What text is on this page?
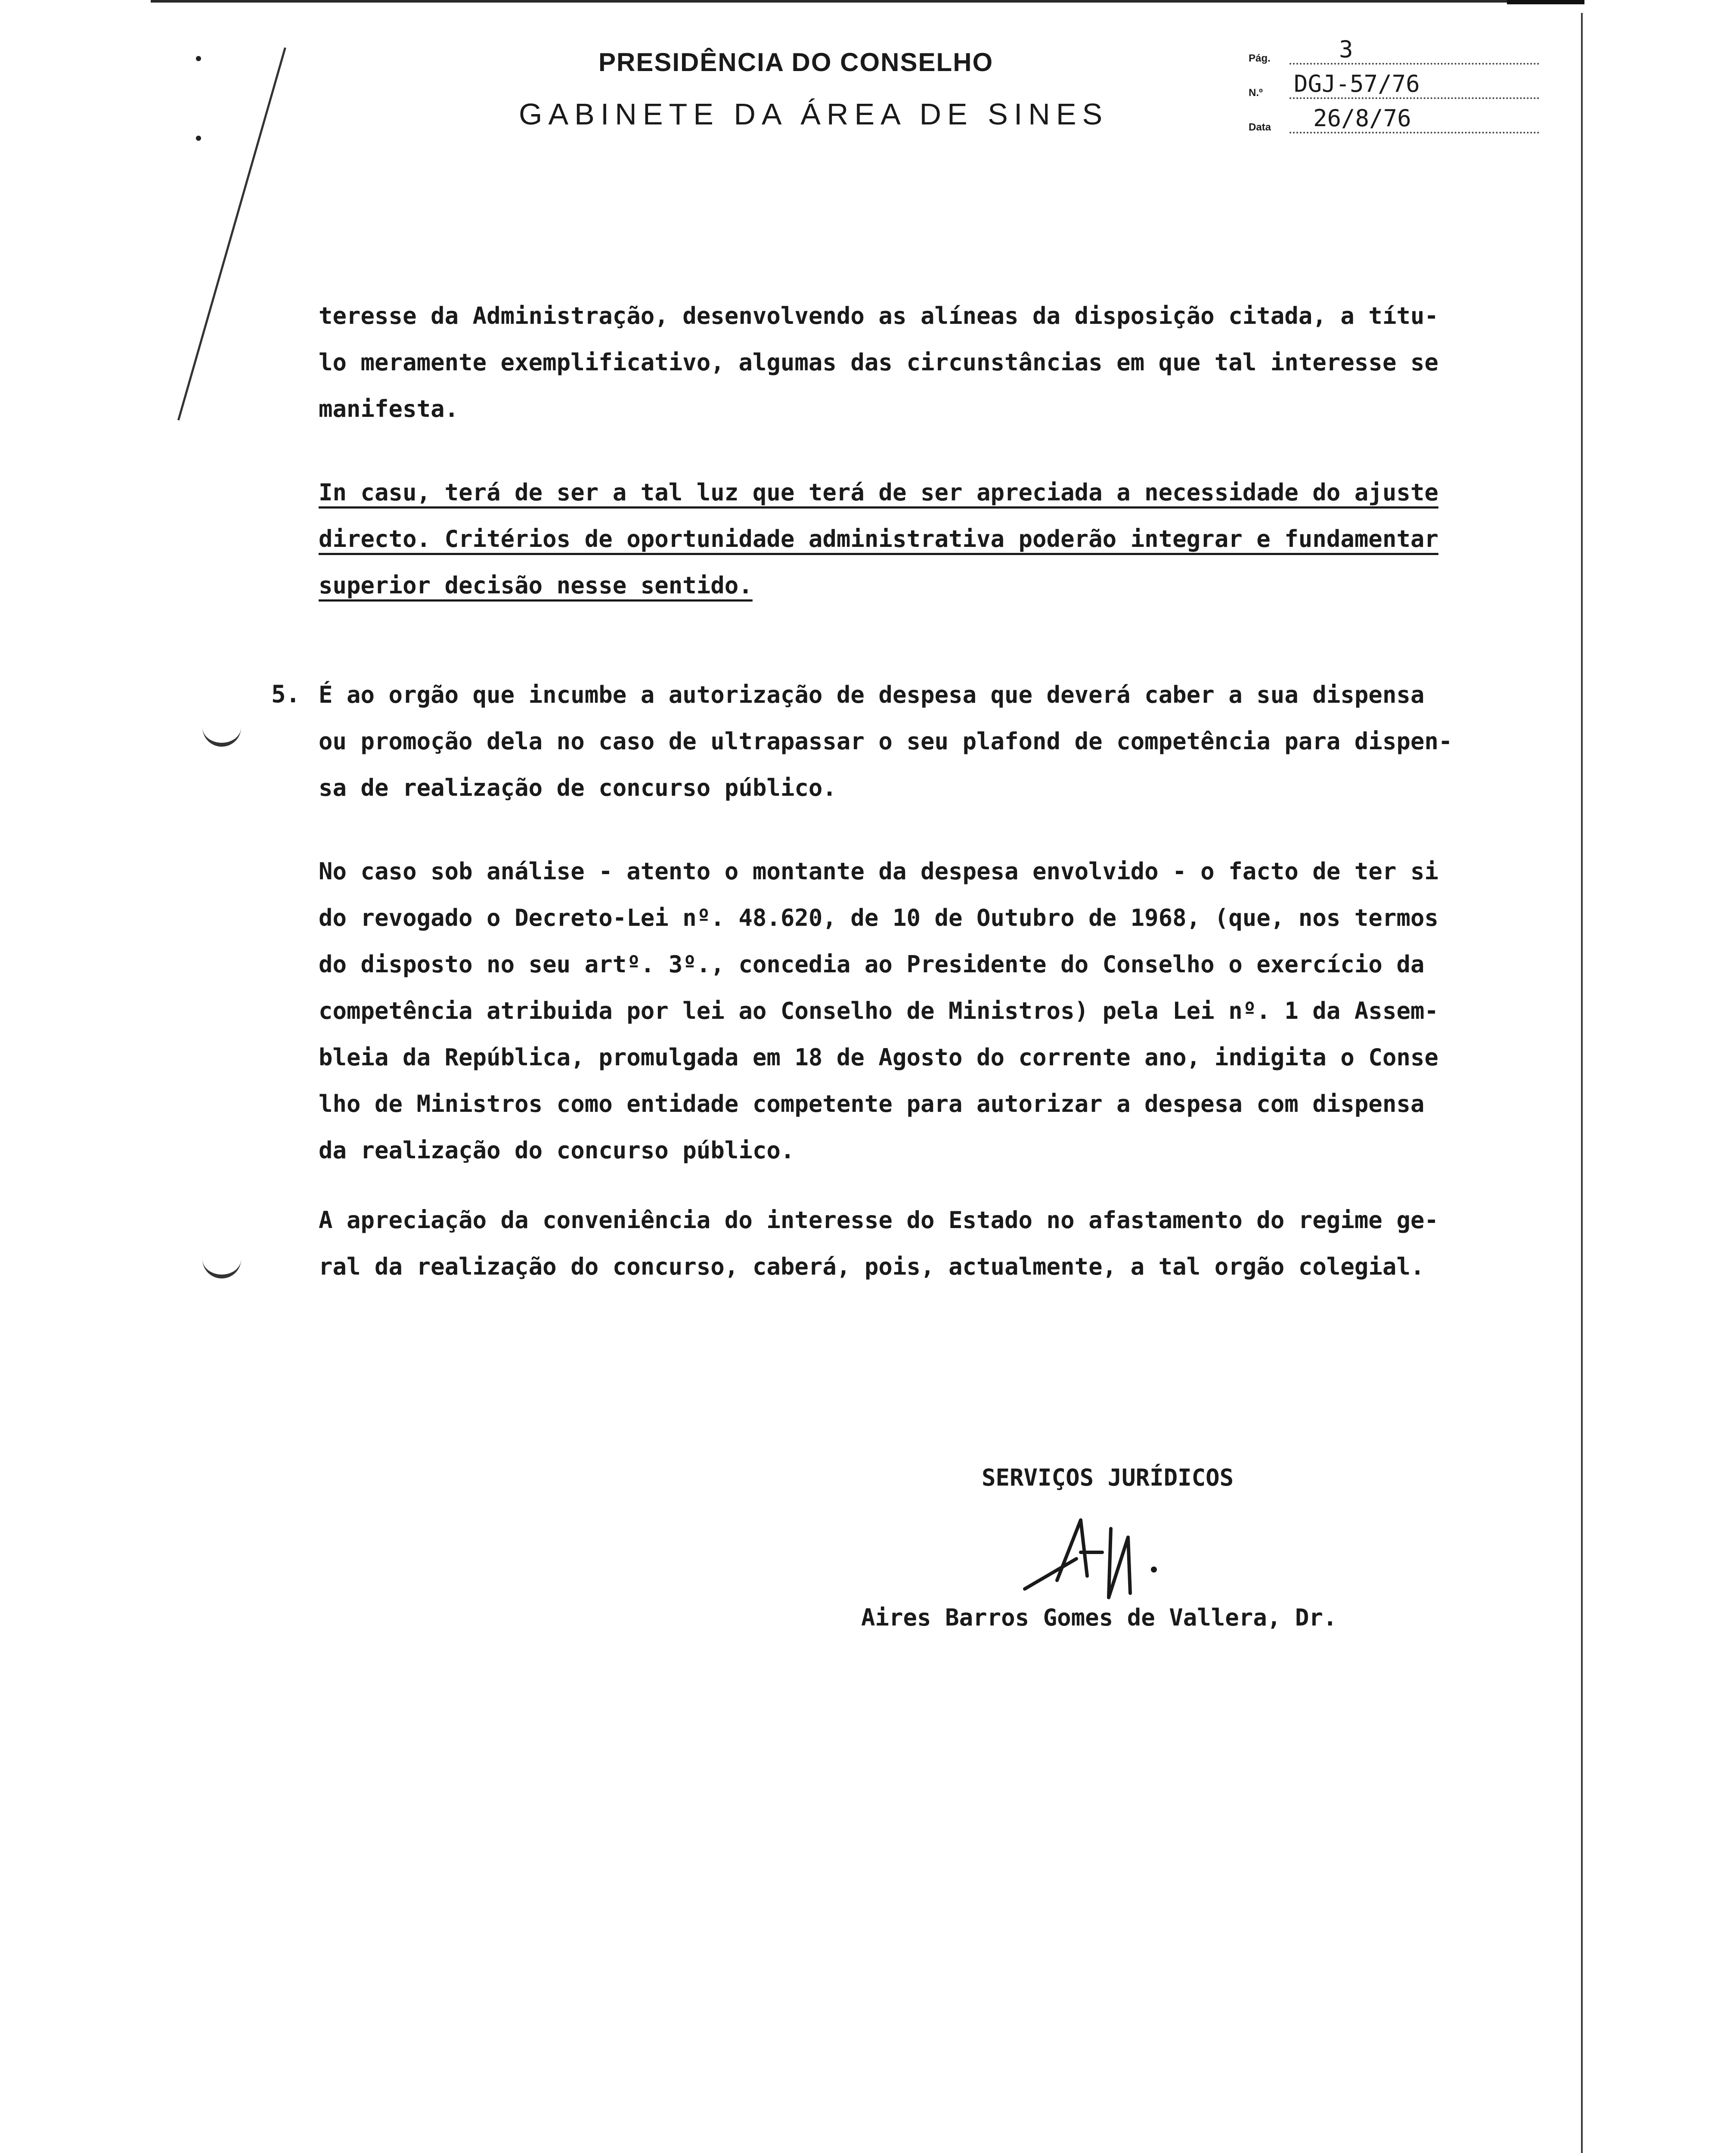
PRESIDÊNCIA DO CONSELHO
GABINETE DA ÁREA DE SINES
Pág.	3
N.º DGJ-57/76
Data 26/8/76
teresse da Administração, desenvolvendo as alíneas da disposição citada, a títu-
lo meramente exemplificativo, algumas das circunstâncias em que tal interesse se
manifesta.
In casu, terá de ser a tal luz que terá de ser apreciada a necessidade do ajuste
directo. Critérios de oportunidade administrativa poderão integrar e fundamentar
superior decisão nesse sentido.
5. É ao orgão que incumbe a autorização de despesa que deverá caber a sua dispensa
ou promoção dela no caso de ultrapassar o seu plafond de competência para dispen-
sa de realização de concurso público.
No caso sob análise - atento o montante da despesa envolvido - o facto de ter si
do revogado o Decreto-Lei nº. 48.620, de 10 de Outubro de 1968, (que, nos termos
do disposto no seu artº. 3º., concedia ao Presidente do Conselho o exercício da
competência atribuida por lei ao Conselho de Ministros) pela Lei nº. 1 da Assem-
bleia da República, promulgada em 18 de Agosto do corrente ano, indigita o Conse
lho de Ministros como entidade competente para autorizar a despesa com dispensa
da realização do concurso público.
A apreciação da conveniência do interesse do Estado no afastamento do regime ge-
ral da realização do concurso, caberá, pois, actualmente, a tal orgão colegial.
SERVIÇOS JURÍDICOS
Aires Barros Gomes de Vallera, Dr.
